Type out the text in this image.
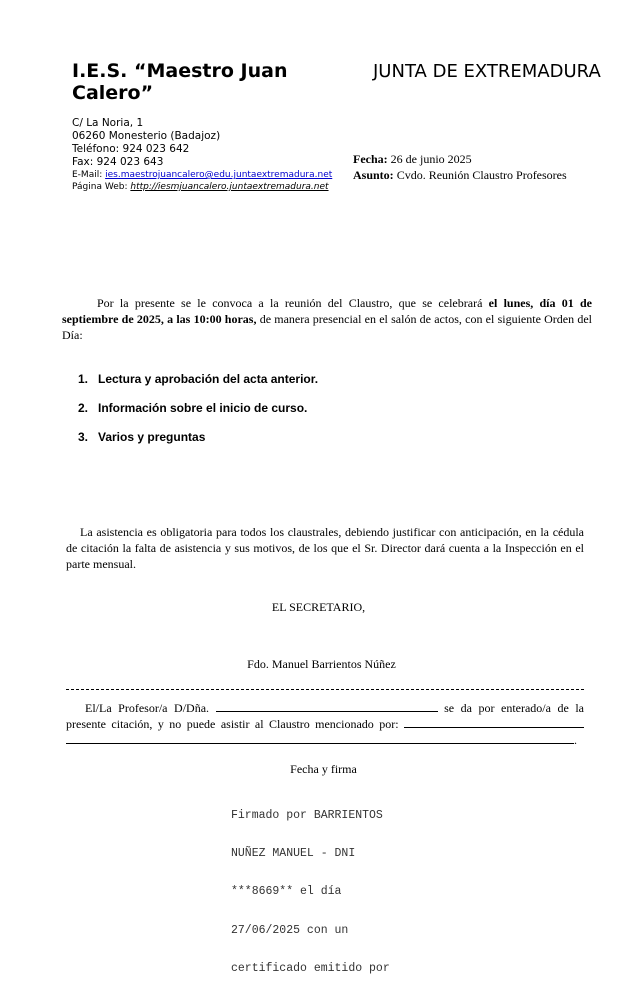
I.E.S. “Maestro Juan Calero”
JUNTA DE EXTREMADURA
C/ La Noria, 1
06260 Monesterio (Badajoz)
Teléfono: 924 023 642
Fax: 924 023 643
E-Mail: ies.maestrojuancalero@edu.juntaextremadura.net
Página Web: http://iesmjuancalero.juntaextremadura.net
Fecha: 26 de junio 2025
Asunto: Cvdo. Reunión Claustro Profesores
Por la presente se le convoca a la reunión del Claustro, que se celebrará el lunes, día 01 de septiembre de 2025, a las 10:00 horas, de manera presencial en el salón de actos, con el siguiente Orden del Día:
1. Lectura y aprobación del acta anterior.
2. Información sobre el inicio de curso.
3. Varios y preguntas
La asistencia es obligatoria para todos los claustrales, debiendo justificar con anticipación, en la cédula de citación la falta de asistencia y sus motivos, de los que el Sr. Director dará cuenta a la Inspección en el parte mensual.
EL SECRETARIO,
Fdo. Manuel Barrientos Núñez
El/La Profesor/a D/Dña.	se da por enterado/a de la presente citación, y no puede asistir al Claustro mencionado por:  .
Fecha y firma

Firmado por BARRIENTOS

NUÑEZ MANUEL - DNI

***8669** el día

27/06/2025 con un

certificado emitido por
